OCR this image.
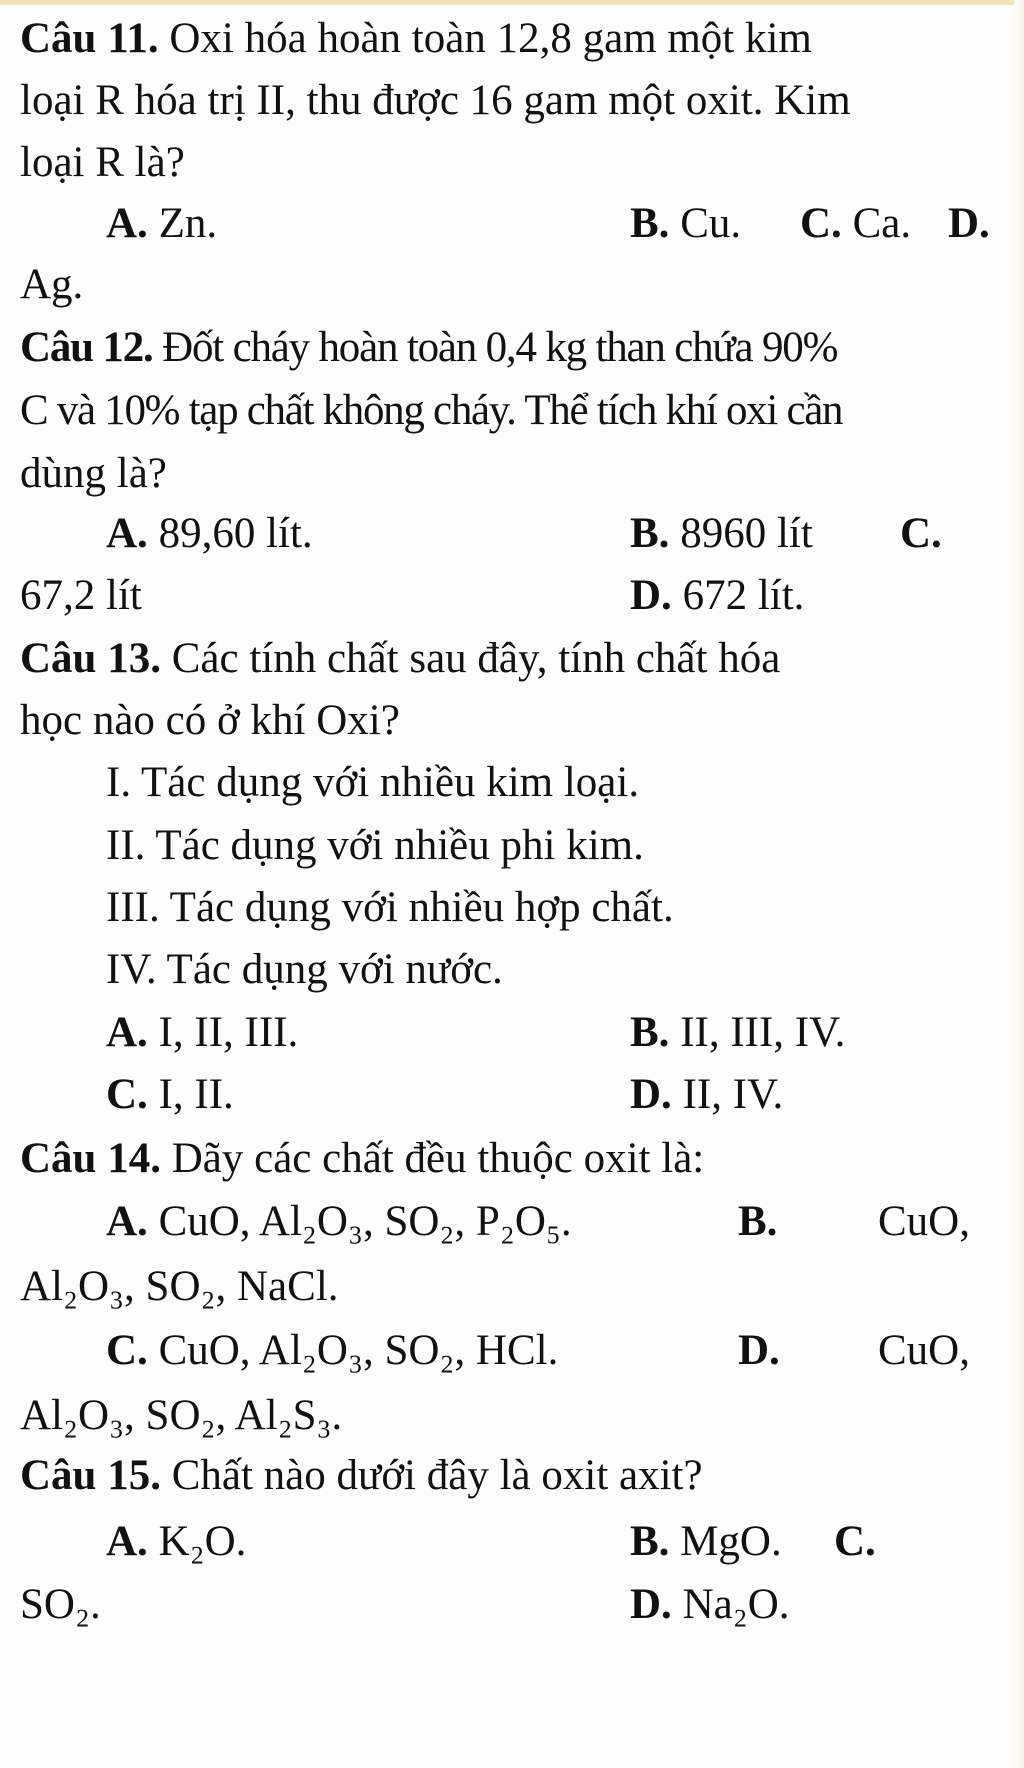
Câu 11. Oxi hóa hoàn toàn 12,8 gam một kim
loại R hóa trị II, thu được 16 gam một oxit. Kim
loại R là?
A. Zn.	B. Cu. C. Ca. D.
Ag.
Câu 12. Đốt cháy hoàn toàn 0,4 kg than chứa 90%
C và 10% tạp chất không cháy. Thể tích khí oxi cần
dùng là?
A. 89,60 lít.	B. 8960 lít C.
67,2 lít	D. 672 lít.
Câu 13. Các tính chất sau đây, tính chất hóa
học nào có ở khí Oxi?
I. Tác dụng với nhiều kim loại.
II. Tác dụng với nhiều phi kim.
III. Tác dụng với nhiều hợp chất.
IV. Tác dụng với nước.
A. I, II, III.	B. II, III, IV.
C. I, II.	D. II, IV.
Câu 14. Dãy các chất đều thuộc oxit là:
A. CuO, Al₂O₃, SO₂, P₂O₅.	B. CuO,
Al₂O₃, SO₂, NaCl.
C. CuO, Al₂O₃, SO₂, HCl.	D. CuO,
Al₂O₃, SO₂, Al₂S₃.
Câu 15. Chất nào dưới đây là oxit axit?
A. K₂O.	B. MgO. C.
SO₂.	D. Na₂O.
